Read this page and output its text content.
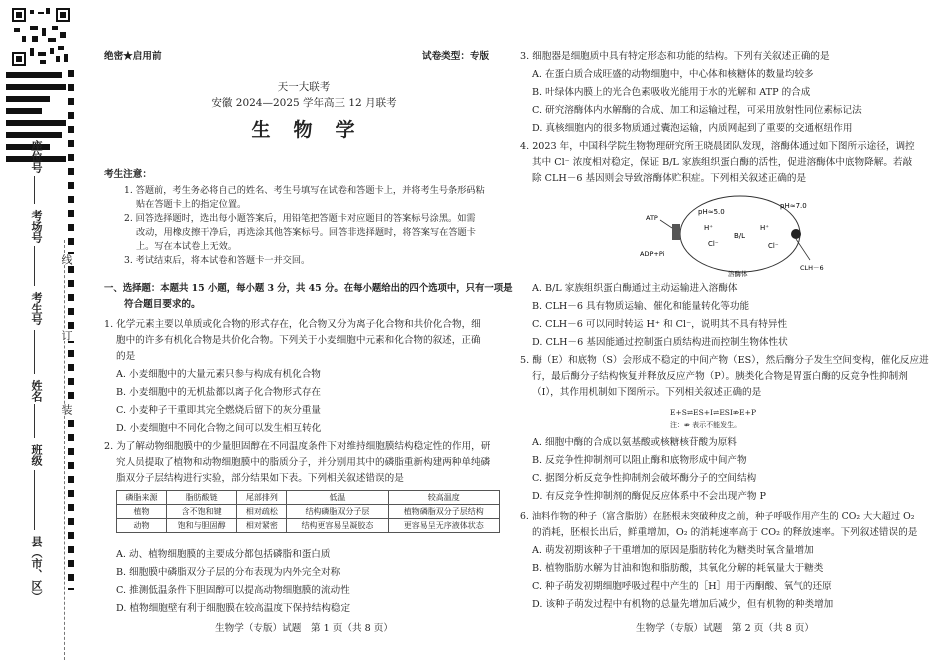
座位号
考场号
考生号
姓名
班级
县（市、区）
线
订
装
绝密★启用前	试卷类型：专版
天一大联考
安徽 2024—2025 学年高三 12 月联考
生　物　学
考生注意：
1. 答题前，考生务必将自己的姓名、考生号填写在试卷和答题卡上，并将考生号条形码粘
贴在答题卡上的指定位置。
2. 回答选择题时，选出每小题答案后，用铅笔把答题卡对应题目的答案标号涂黑。如需
改动，用橡皮擦干净后，再选涂其他答案标号。回答非选择题时，将答案写在答题卡
上。写在本试卷上无效。
3. 考试结束后，将本试卷和答题卡一并交回。
一、选择题：本题共 15 小题，每小题 3 分，共 45 分。在每小题给出的四个选项中，只有一项是
符合题目要求的。
1. 化学元素主要以单质或化合物的形式存在，化合物又分为离子化合物和共价化合物，细
胞中的许多有机化合物是共价化合物。下列关于小麦细胞中元素和化合物的叙述，正确
的是
A. 小麦细胞中的大量元素只参与构成有机化合物
B. 小麦细胞中的无机盐都以离子化合物形式存在
C. 小麦种子干重即其完全燃烧后留下的灰分重量
D. 小麦细胞中不同化合物之间可以发生相互转化
2. 为了解动物细胞膜中的少量胆固醇在不同温度条件下对维持细胞膜结构稳定性的作用，研
究人员提取了植物和动物细胞膜中的脂质分子，并分别用其中的磷脂重新构建两种单纯磷
脂双分子层结构进行实验，部分结果如下表。下列相关叙述错误的是
磷脂来源	脂肪酸链	尾部排列	低温	较高温度
植物	含不饱和键	相对疏松	结构磷脂双分子层	植物磷脂双分子层结构
动物	饱和与胆固醇	相对紧密	结构更容易呈凝胶态	更容易呈无序液体状态
A. 动、植物细胞膜的主要成分都包括磷脂和蛋白质
B. 细胞膜中磷脂双分子层的分布表现为内外完全对称
C. 推测低温条件下胆固醇可以提高动物细胞膜的流动性
D. 植物细胞壁有利于细胞膜在较高温度下保持结构稳定
生物学（专版）试题　第 1 页（共 8 页）
3. 细胞器是细胞质中具有特定形态和功能的结构。下列有关叙述正确的是
A. 在蛋白质合成旺盛的动物细胞中，中心体和核糖体的数量均较多
B. 叶绿体内膜上的光合色素吸收光能用于水的光解和 ATP 的合成
C. 研究溶酶体内水解酶的合成、加工和运输过程，可采用放射性同位素标记法
D. 真核细胞内的很多物质通过囊泡运输，内质网起到了重要的交通枢纽作用
4. 2023 年，中国科学院生物物理研究所王晓晨团队发现，溶酶体通过如下图所示途径，调控
其中 Cl⁻ 浓度相对稳定，保证 B/L 家族组织蛋白酶的活性，促进溶酶体中底物降解。若敲
除 CLH－6 基因则会导致溶酶体贮积症。下列相关叙述正确的是
pH≈5.0
pH≈7.0
H⁺	H⁺
Cl⁻	Cl⁻
B/L
ATP
ADP+Pi
CLH－6
溶酶体
A. B/L 家族组织蛋白酶通过主动运输进入溶酶体
B. CLH－6 具有物质运输、催化和能量转化等功能
C. CLH－6 可以同时转运 H⁺ 和 Cl⁻，说明其不具有特异性
D. CLH－6 基因能通过控制蛋白质结构进而控制生物体性状
5. 酶（E）和底物（S）会形成不稳定的中间产物（ES），然后酶分子发生空间变构，催化反应进
行，最后酶分子结构恢复并释放反应产物（P）。胰类化合物是胃蛋白酶的反竞争性抑制剂
（I），其作用机制如下图所示。下列相关叙述正确的是
E+S⇌ES+I⇌ESI⇏E+P
注：⇏ 表示不能发生。
A. 细胞中酶的合成以氨基酸或核糖核苷酸为原料
B. 反竞争性抑制剂可以阻止酶和底物形成中间产物
C. 据图分析反竞争性抑制剂会破坏酶分子的空间结构
D. 有反竞争性抑制剂的酶促反应体系中不会出现产物 P
6. 油料作物的种子（富含脂肪）在胚根未突破种皮之前，种子呼吸作用产生的 CO₂ 大大超过 O₂
的消耗，胚根长出后，鲜重增加，O₂ 的消耗速率高于 CO₂ 的释放速率。下列叙述错误的是
A. 萌发初期该种子干重增加的原因是脂肪转化为糖类时氧含量增加
B. 植物脂肪水解为甘油和饱和脂肪酸，其氧化分解的耗氧量大于糖类
C. 种子萌发初期细胞呼吸过程中产生的［H］用于丙酮酸、氧气的还原
D. 该种子萌发过程中有机物的总量先增加后减少，但有机物的种类增加
生物学（专版）试题　第 2 页（共 8 页）
